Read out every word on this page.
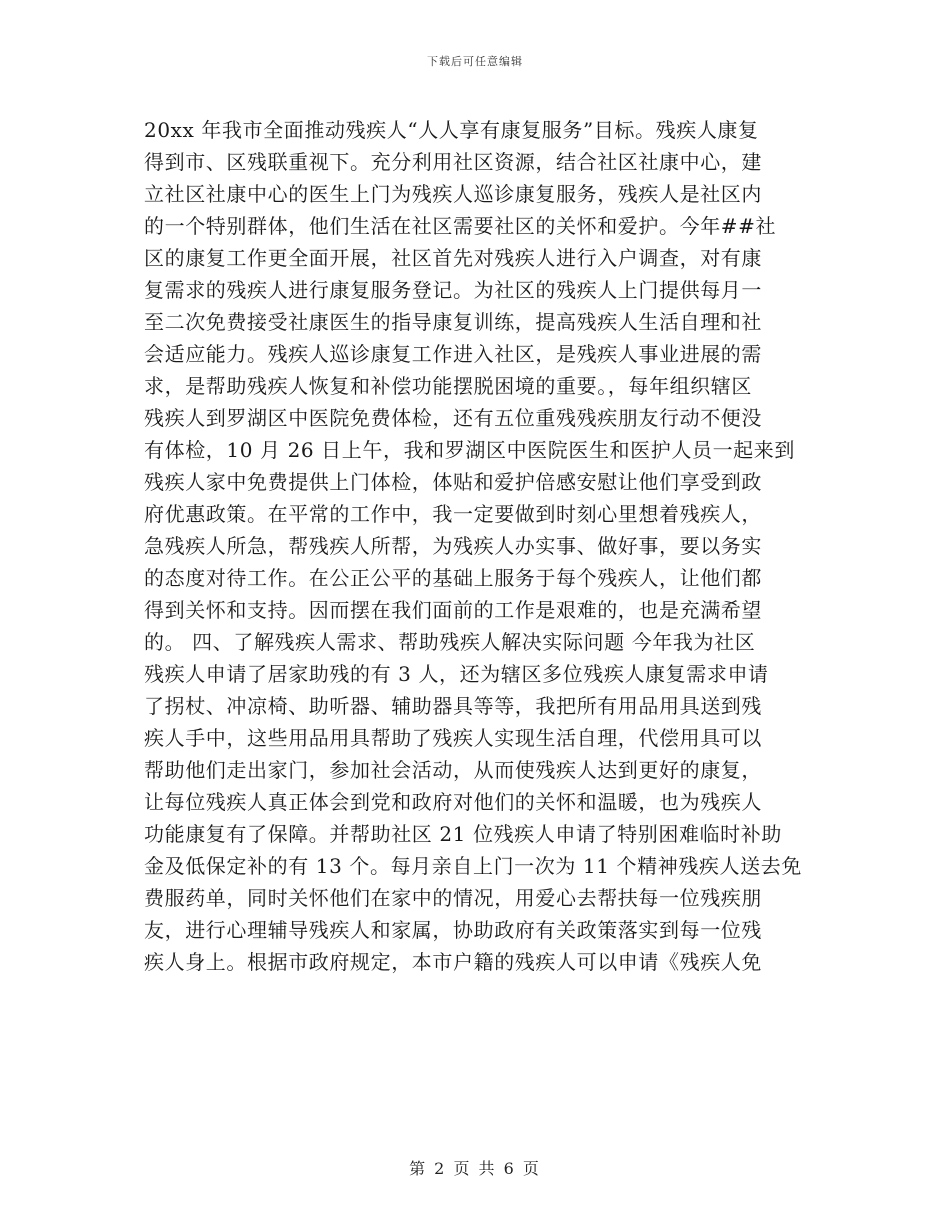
下载后可任意编辑
20xx 年我市全面推动残疾人“人人享有康复服务”目标。残疾人康复
得到市、区残联重视下。充分利用社区资源，结合社区社康中心，建
立社区社康中心的医生上门为残疾人巡诊康复服务，残疾人是社区内
的一个特别群体，他们生活在社区需要社区的关怀和爱护。今年##社
区的康复工作更全面开展，社区首先对残疾人进行入户调查，对有康
复需求的残疾人进行康复服务登记。为社区的残疾人上门提供每月一
至二次免费接受社康医生的指导康复训练，提高残疾人生活自理和社
会适应能力。残疾人巡诊康复工作进入社区，是残疾人事业进展的需
求，是帮助残疾人恢复和补偿功能摆脱困境的重要。，每年组织辖区
残疾人到罗湖区中医院免费体检，还有五位重残残疾朋友行动不便没
有体检，10 月 26 日上午，我和罗湖区中医院医生和医护人员一起来到
残疾人家中免费提供上门体检，体贴和爱护倍感安慰让他们享受到政
府优惠政策。在平常的工作中，我一定要做到时刻心里想着残疾人，
急残疾人所急，帮残疾人所帮，为残疾人办实事、做好事，要以务实
的态度对待工作。在公正公平的基础上服务于每个残疾人，让他们都
得到关怀和支持。因而摆在我们面前的工作是艰难的，也是充满希望
的。 四、了解残疾人需求、帮助残疾人解决实际问题 今年我为社区
残疾人申请了居家助残的有 3 人，还为辖区多位残疾人康复需求申请
了拐杖、冲凉椅、助听器、辅助器具等等，我把所有用品用具送到残
疾人手中，这些用品用具帮助了残疾人实现生活自理，代偿用具可以
帮助他们走出家门，参加社会活动，从而使残疾人达到更好的康复，
让每位残疾人真正体会到党和政府对他们的关怀和温暖，也为残疾人
功能康复有了保障。并帮助社区 21 位残疾人申请了特别困难临时补助
金及低保定补的有 13 个。每月亲自上门一次为 11 个精神残疾人送去免
费服药单，同时关怀他们在家中的情况，用爱心去帮扶每一位残疾朋
友，进行心理辅导残疾人和家属，协助政府有关政策落实到每一位残
疾人身上。根据市政府规定，本市户籍的残疾人可以申请《残疾人免
第 2 页 共 6 页
